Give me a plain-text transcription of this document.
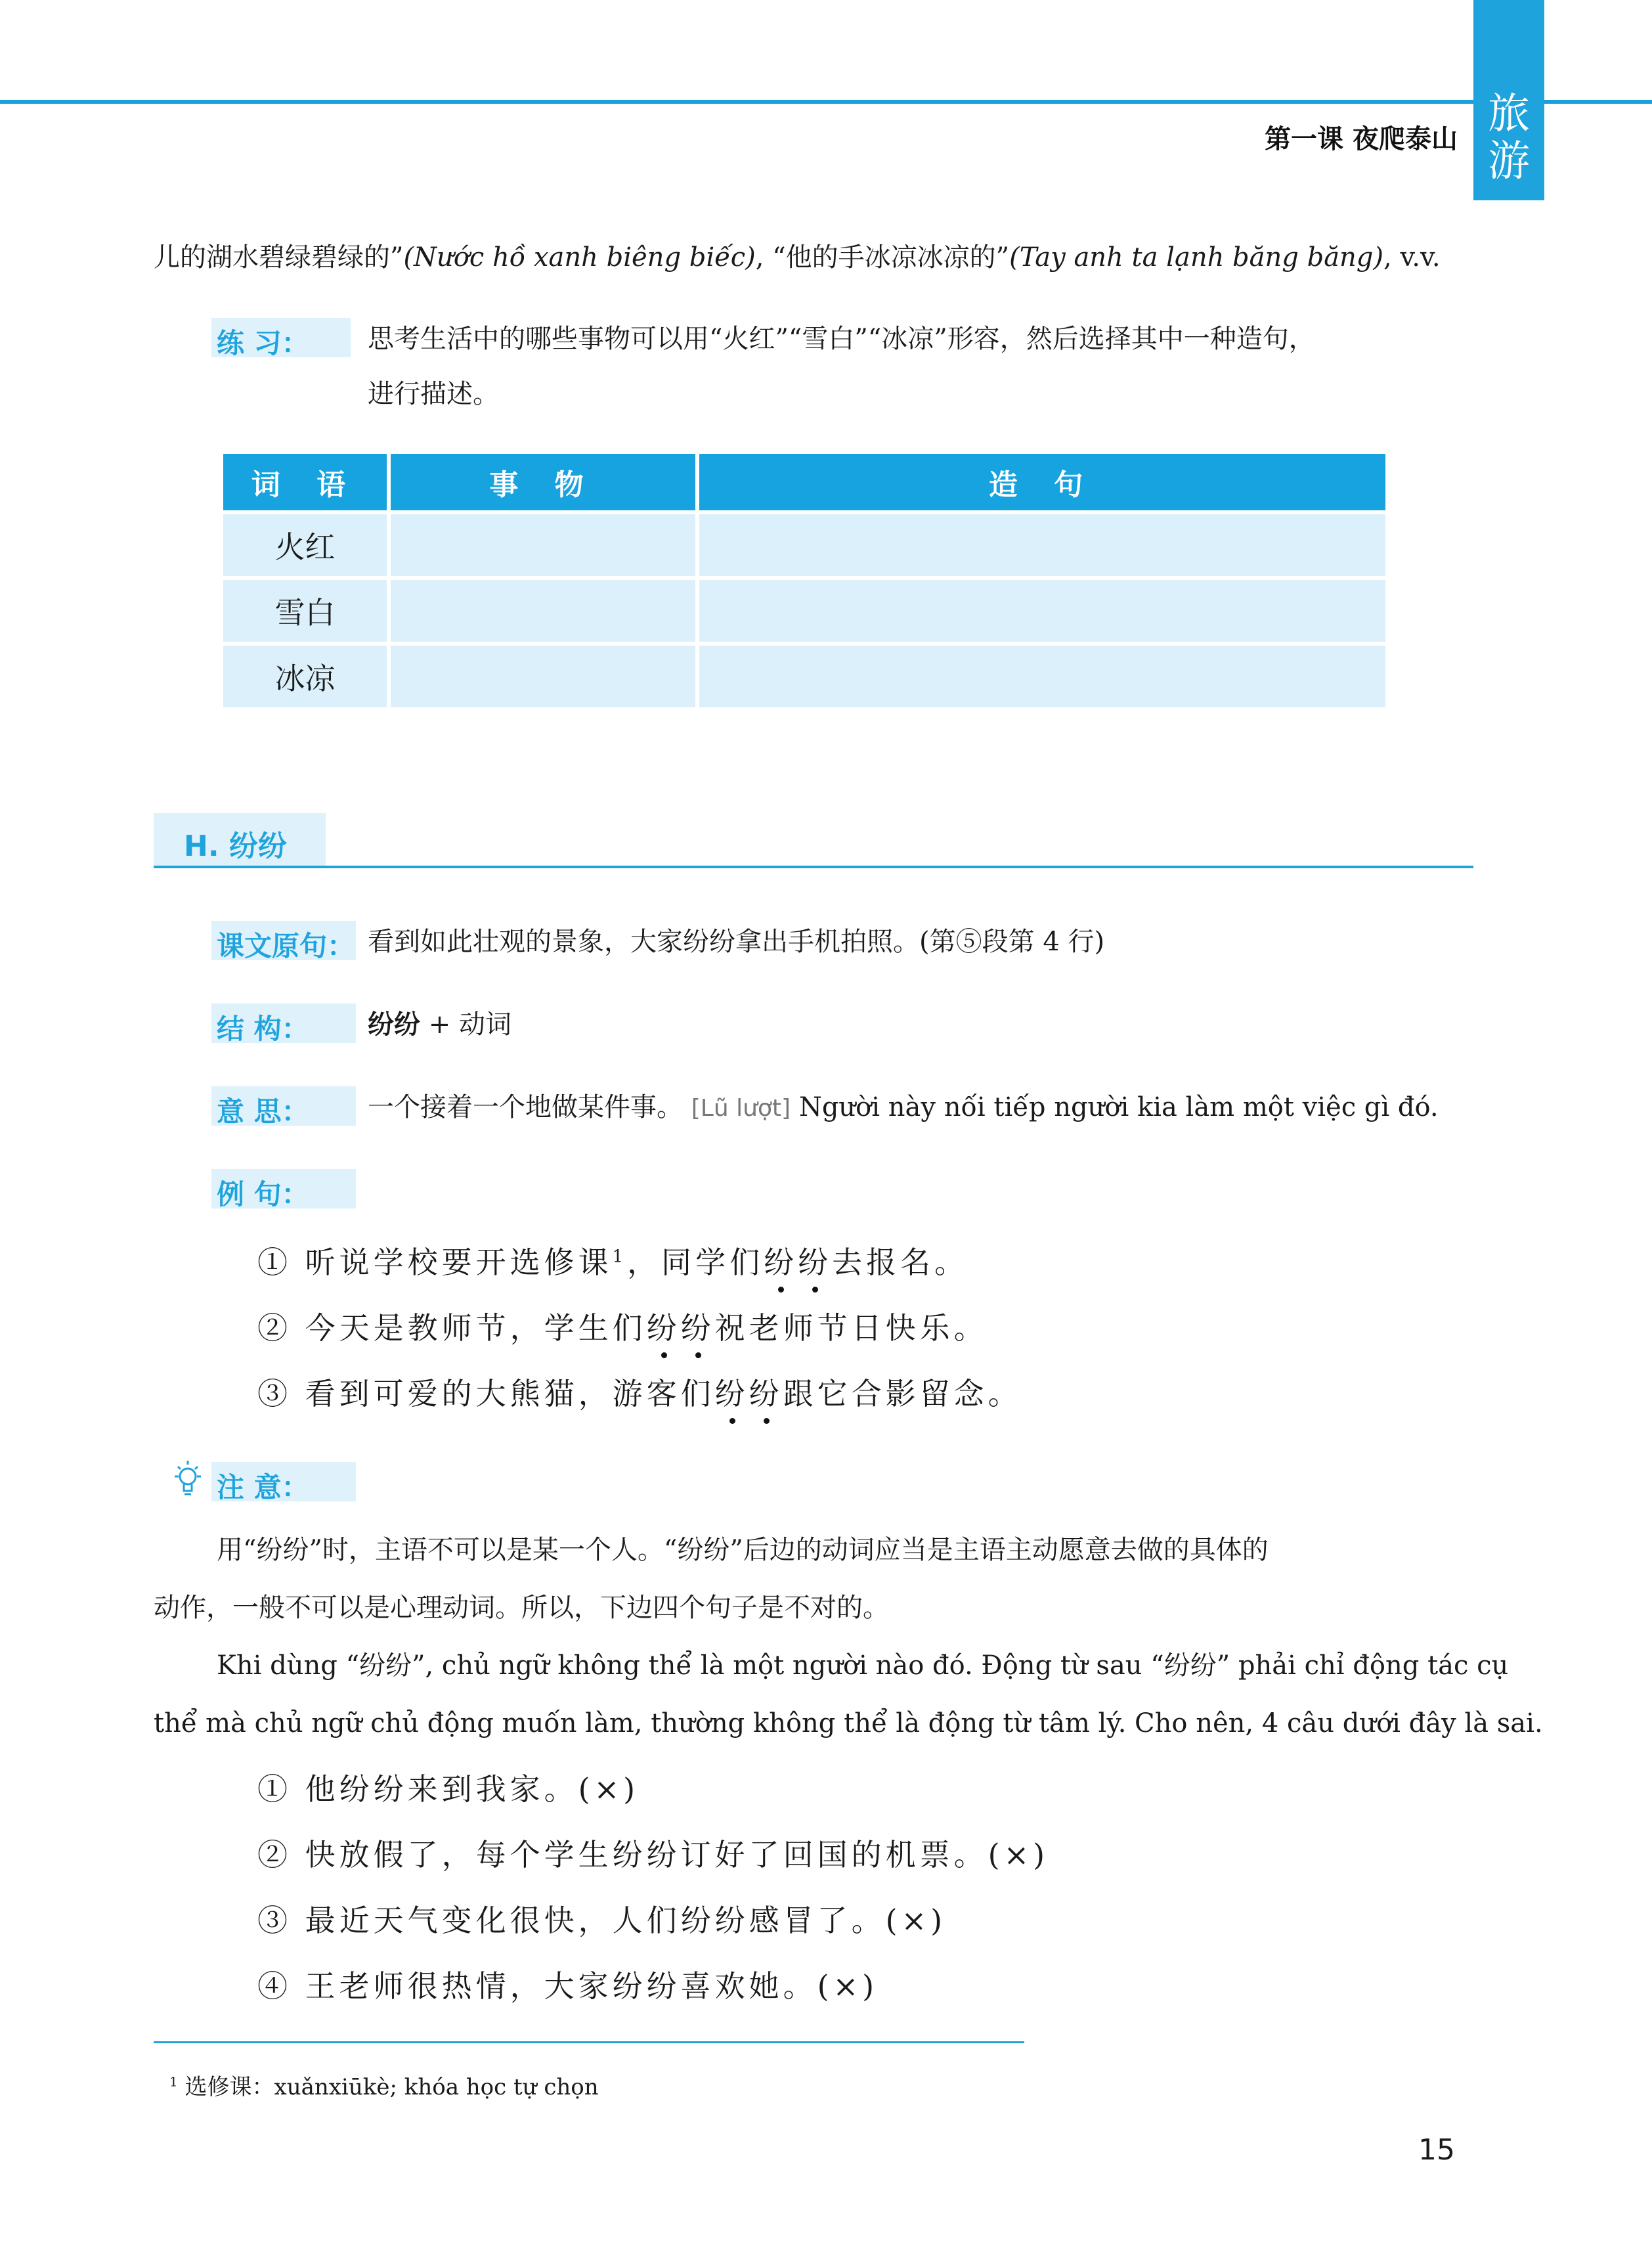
旅
游
第一课 夜爬泰山
儿的湖水碧绿碧绿的”(Nước hồ xanh biêng biếc), “他的手冰凉冰凉的”(Tay anh ta lạnh băng băng), v.v.
练 习： 思考生活中的哪些事物可以用“火红”“雪白”“冰凉”形容，然后选择其中一种造句，
进行描述。
词 语	事 物	造 句
火红		
雪白		
冰凉		
H. 纷纷
课文原句： 看到如此壮观的景象，大家纷纷拿出手机拍照。(第⑤段第 4 行)
结 构： 纷纷 + 动词
意 思： 一个接着一个地做某件事。 [Lũ lượt] Người này nối tiếp người kia làm một việc gì đó.
例 句：
① 听说学校要开选修课$^1$，同学们纷纷去报名。
② 今天是教师节，学生们纷纷祝老师节日快乐。
③ 看到可爱的大熊猫，游客们纷纷跟它合影留念。
注 意：
用“纷纷”时，主语不可以是某一个人。“纷纷”后边的动词应当是主语主动愿意去做的具体的
动作，一般不可以是心理动词。所以，下边四个句子是不对的。
Khi dùng “纷纷”, chủ ngữ không thể là một người nào đó. Động từ sau “纷纷” phải chỉ động tác cụ
thể mà chủ ngữ chủ động muốn làm, thường không thể là động từ tâm lý. Cho nên, 4 câu dưới đây là sai.
① 他纷纷来到我家。(×)
② 快放假了，每个学生纷纷订好了回国的机票。(×)
③ 最近天气变化很快，人们纷纷感冒了。(×)
④ 王老师很热情，大家纷纷喜欢她。(×)
$^1$ 选修课：xuǎnxiūkè; khóa học tự chọn
15
